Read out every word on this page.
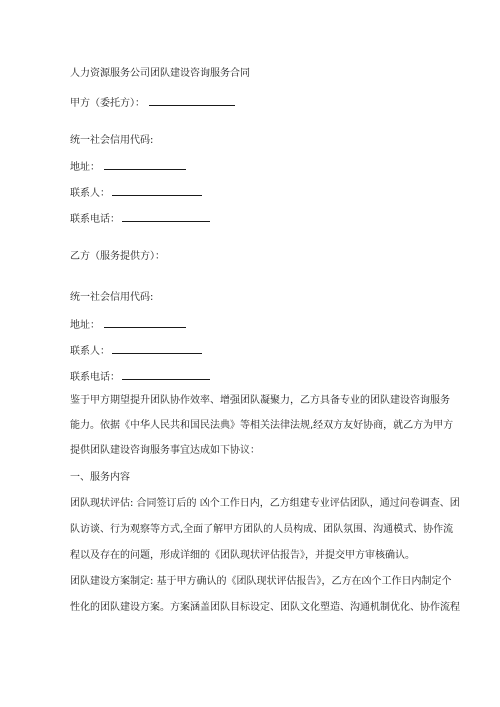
人力资源服务公司团队建设咨询服务合同

甲方（委托方）：

统一社会信用代码:

地址：

联系人：

联系电话：

乙方（服务提供方）：

统一社会信用代码:

地址：

联系人：

联系电话：

鉴于甲方期望提升团队协作效率、增强团队凝聚力，乙方具备专业的团队建设咨询服务

能力。依据《中华人民共和国民法典》等相关法律法规,经双方友好协商，就乙方为甲方

提供团队建设咨询服务事宜达成如下协议：

一、服务内容

团队现状评估: 合同签订后的 凶个工作日内，乙方组建专业评估团队，通过问卷调查、团

队访谈、行为观察等方式,全面了解甲方团队的人员构成、团队氛围、沟通模式、协作流

程以及存在的问题，形成详细的《团队现状评估报告》，并提交甲方审核确认。

团队建设方案制定: 基于甲方确认的《团队现状评估报告》，乙方在凶个工作日内制定个

性化的团队建设方案。方案涵盖团队目标设定、团队文化塑造、沟通机制优化、协作流程
